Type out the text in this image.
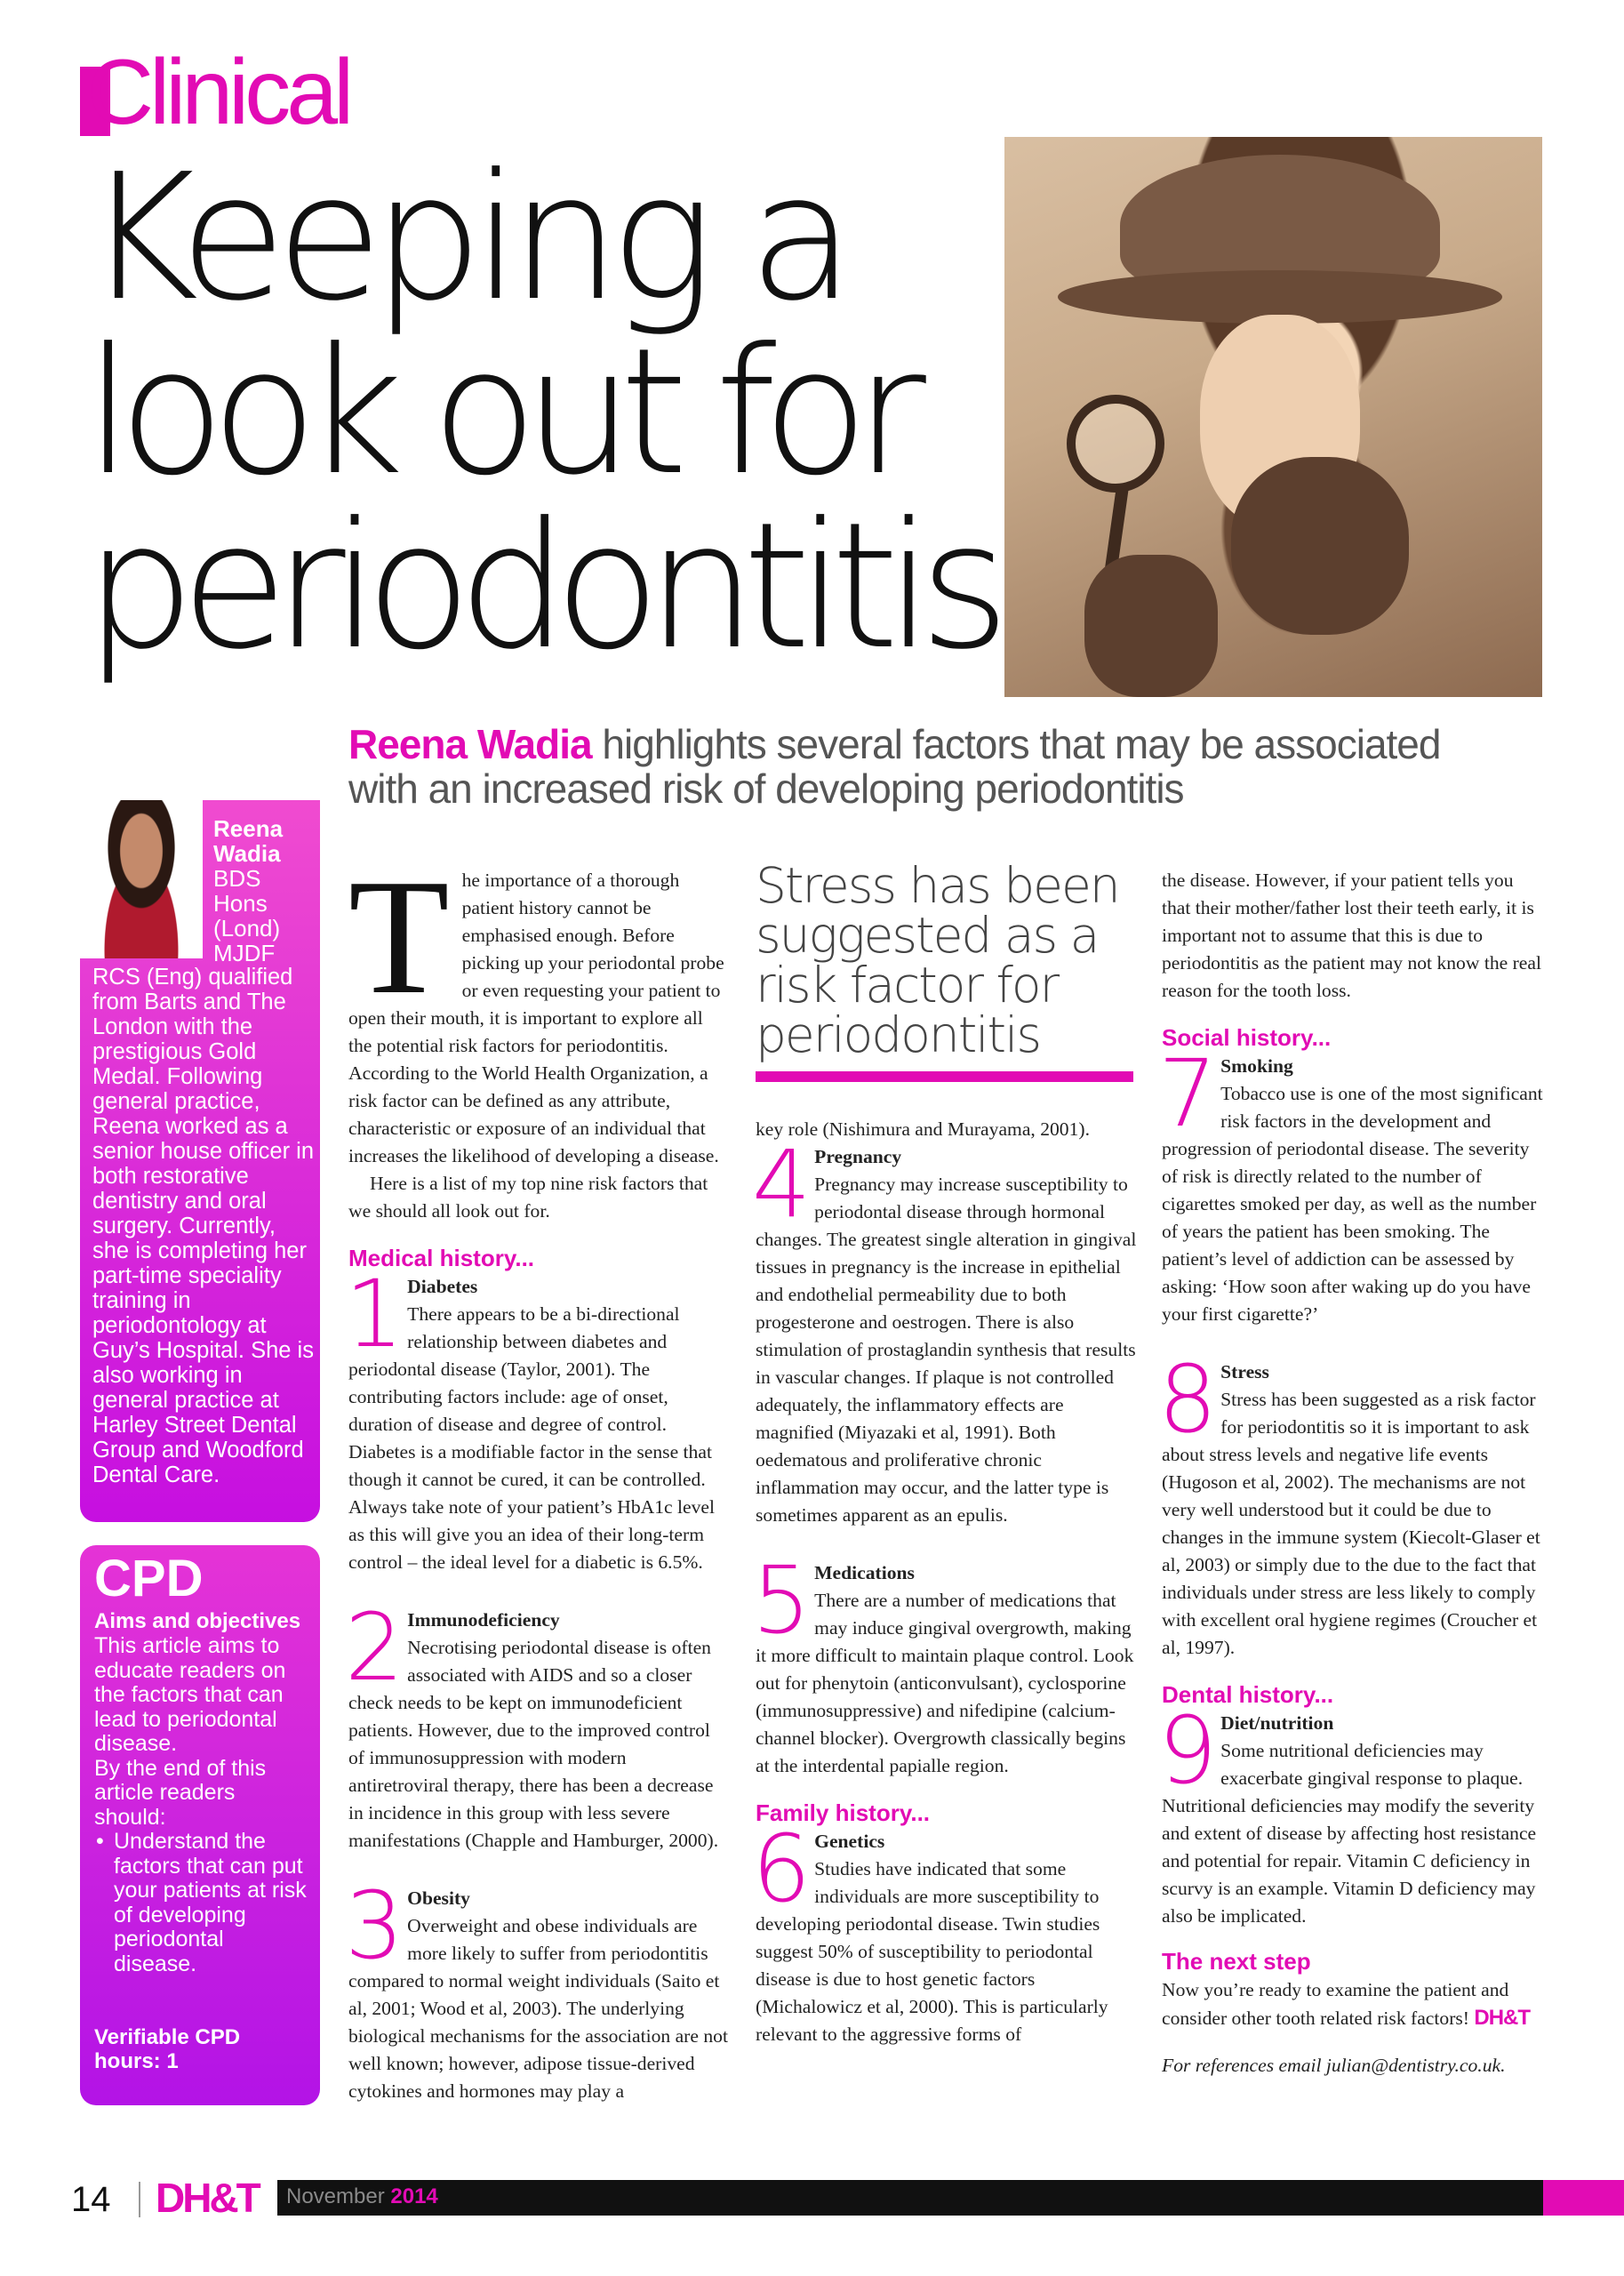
Clinical
Keeping a
look out for
periodontitis
Reena Wadia highlights several factors that may be associated with an increased risk of developing periodontitis
Reena Wadia
BDS Hons (Lond) MJDF
RCS (Eng) qualified from Barts and The London with the prestigious Gold Medal. Following general practice, Reena worked as a senior house officer in both restorative dentistry and oral surgery. Currently, she is completing her part-time speciality training in periodontology at Guy’s Hospital. She is also working in general practice at Harley Street Dental Group and Woodford Dental Care.
CPD
Aims and objectives

This article aims to educate readers on the factors that can lead to periodontal disease.

By the end of this article readers should:

• Understand the factors that can put your patients at risk of developing periodontal disease.
Verifiable CPD hours: 1
T he importance of a thorough patient history cannot be emphasised enough. Before picking up your periodontal probe or even requesting your patient to open their mouth, it is important to explore all the potential risk factors for periodontitis. According to the World Health Organization, a risk factor can be defined as any attribute, characteristic or exposure of an individual that increases the likelihood of developing a disease.

Here is a list of my top nine risk factors that we should all look out for.

Medical history...
1 Diabetes
There appears to be a bi-directional relationship between diabetes and periodontal disease (Taylor, 2001). The contributing factors include: age of onset, duration of disease and degree of control. Diabetes is a modifiable factor in the sense that though it cannot be cured, it can be controlled. Always take note of your patient’s HbA1c level as this will give you an idea of their long-term control – the ideal level for a diabetic is 6.5%.
2 Immunodeficiency
Necrotising periodontal disease is often associated with AIDS and so a closer check needs to be kept on immunodeficient patients. However, due to the improved control of immunosuppression with modern antiretroviral therapy, there has been a decrease in incidence in this group with less severe manifestations (Chapple and Hamburger, 2000).
3 Obesity
Overweight and obese individuals are more likely to suffer from periodontitis compared to normal weight individuals (Saito et al, 2001; Wood et al, 2003). The underlying biological mechanisms for the association are not well known; however, adipose tissue-derived cytokines and hormones may play a
Stress has been suggested as a risk factor for periodontitis

key role (Nishimura and Murayama, 2001).

4 Pregnancy
Pregnancy may increase susceptibility to periodontal disease through hormonal changes. The greatest single alteration in gingival tissues in pregnancy is the increase in epithelial and endothelial permeability due to both progesterone and oestrogen. There is also stimulation of prostaglandin synthesis that results in vascular changes. If plaque is not controlled adequately, the inflammatory effects are magnified (Miyazaki et al, 1991). Both oedematous and proliferative chronic inflammation may occur, and the latter type is sometimes apparent as an epulis.
5 Medications
There are a number of medications that may induce gingival overgrowth, making it more difficult to maintain plaque control. Look out for phenytoin (anticonvulsant), cyclosporine (immunosuppressive) and nifedipine (calcium-channel blocker). Overgrowth classically begins at the interdental papialle region.
Family history...
6 Genetics
Studies have indicated that some individuals are more susceptibility to developing periodontal disease. Twin studies suggest 50% of susceptibility to periodontal disease is due to host genetic factors (Michalowicz et al, 2000). This is particularly relevant to the aggressive forms of

the disease. However, if your patient tells you that their mother/father lost their teeth early, it is important not to assume that this is due to periodontitis as the patient may not know the real reason for the tooth loss.

Social history...
7 Smoking
Tobacco use is one of the most significant risk factors in the development and progression of periodontal disease. The severity of risk is directly related to the number of cigarettes smoked per day, as well as the number of years the patient has been smoking. The patient’s level of addiction can be assessed by asking: ‘How soon after waking up do you have your first cigarette?’
8 Stress
Stress has been suggested as a risk factor for periodontitis so it is important to ask about stress levels and negative life events (Hugoson et al, 2002). The mechanisms are not very well understood but it could be due to changes in the immune system (Kiecolt-Glaser et al, 2003) or simply due to the due to the fact that individuals under stress are less likely to comply with excellent oral hygiene regimes (Croucher et al, 1997).
Dental history...
9 Diet/nutrition
Some nutritional deficiencies may exacerbate gingival response to plaque. Nutritional deficiencies may modify the severity and extent of disease by affecting host resistance and potential for repair. Vitamin C deficiency in scurvy is an example. Vitamin D deficiency may also be implicated.
The next step

Now you’re ready to examine the patient and consider other tooth related risk factors! DH&T

For references email julian@dentistry.co.uk.

14 DH&T November 2014
